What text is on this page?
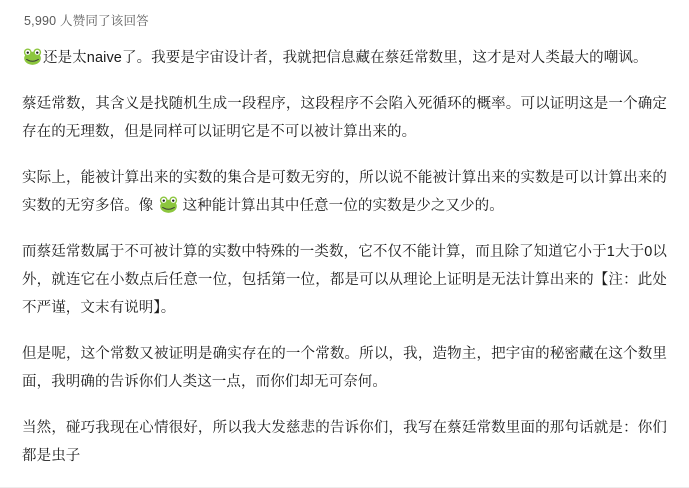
5,990 人赞同了该回答

还是太naive了。我要是宇宙设计者，我就把信息藏在蔡廷常数里，这才是对人类最大的嘲讽。

蔡廷常数，其含义是找随机生成一段程序，这段程序不会陷入死循环的概率。可以证明这是一个确定存在的无理数，但是同样可以证明它是不可以被计算出来的。

实际上，能被计算出来的实数的集合是可数无穷的，所以说不能被计算出来的实数是可以计算出来的实数的无穷多倍。像
这种能计算出其中任意一位的实数是少之又少的。

而蔡廷常数属于不可被计算的实数中特殊的一类数，它不仅不能计算，而且除了知道它小于1大于0以外，就连它在小数点后任意一位，包括第一位，都是可以从理论上证明是无法计算出来的【注：此处不严谨，文末有说明】。

但是呢，这个常数又被证明是确实存在的一个常数。所以，我，造物主，把宇宙的秘密藏在这个数里面，我明确的告诉你们人类这一点，而你们却无可奈何。

当然，碰巧我现在心情很好，所以我大发慈悲的告诉你们，我写在蔡廷常数里面的那句话就是：你们都是虫子
